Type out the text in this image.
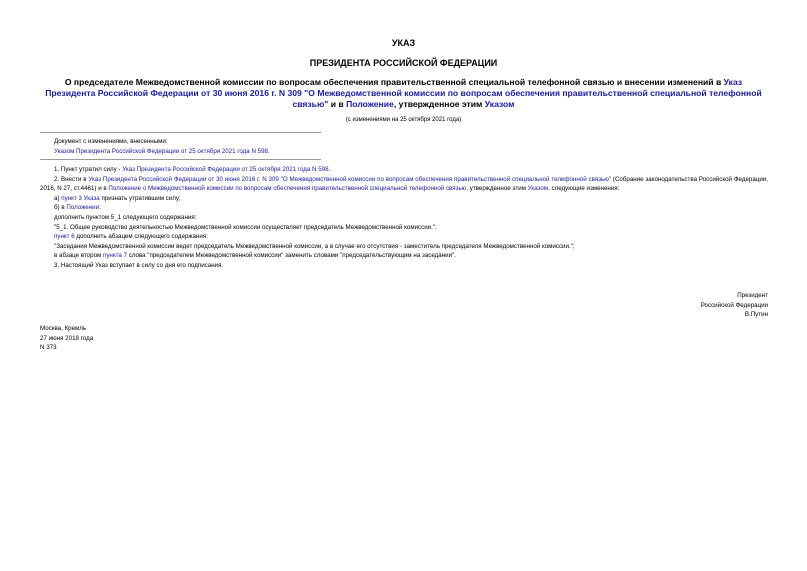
УКАЗ
ПРЕЗИДЕНТА РОССИЙСКОЙ ФЕДЕРАЦИИ
О председателе Межведомственной комиссии по вопросам обеспечения правительственной специальной телефонной связью и внесении изменений в Указ Президента Российской Федерации от 30 июня 2016 г. N 309 "О Межведомственной комиссии по вопросам обеспечения правительственной специальной телефонной связью" и в Положение, утвержденное этим Указом
(с изменениями на 25 октября 2021 года)
Документ с изменениями, внесенными:
Указом Президента Российской Федерации от 25 октября 2021 года N 598.

1. Пункт утратил силу - Указ Президента Российской Федерации от 25 октября 2021 года N 598.

2. Внести в Указ Президента Российской Федерации от 30 июня 2016 г. N 309 "О Межведомственной комиссии по вопросам обеспечения правительственной специальной телефонной связью" (Собрание законодательства Российской Федерации, 2016, N 27, ст.4461) и в Положение о Межведомственной комиссии по вопросам обеспечения правительственной специальной телефонной связью, утвержденное этим Указом, следующие изменения:

а) пункт 3 Указа признать утратившим силу;

б) в Положении:

дополнить пунктом 5_1 следующего содержания:

"5_1. Общее руководство деятельностью Межведомственной комиссии осуществляет председатель Межведомственной комиссии.";

пункт 6 дополнить абзацем следующего содержания:

"Заседания Межведомственной комиссии ведет председатель Межведомственной комиссии, а в случае его отсутствия - заместитель председателя Межведомственной комиссии.";

в абзаце втором пункта 7 слова "председателем Межведомственной комиссии" заменить словами "председательствующим на заседании".

3. Настоящий Указ вступает в силу со дня его подписания.

Президент
Российской Федерации
В.Путин
Москва, Кремль
27 июня 2018 года
N 373
